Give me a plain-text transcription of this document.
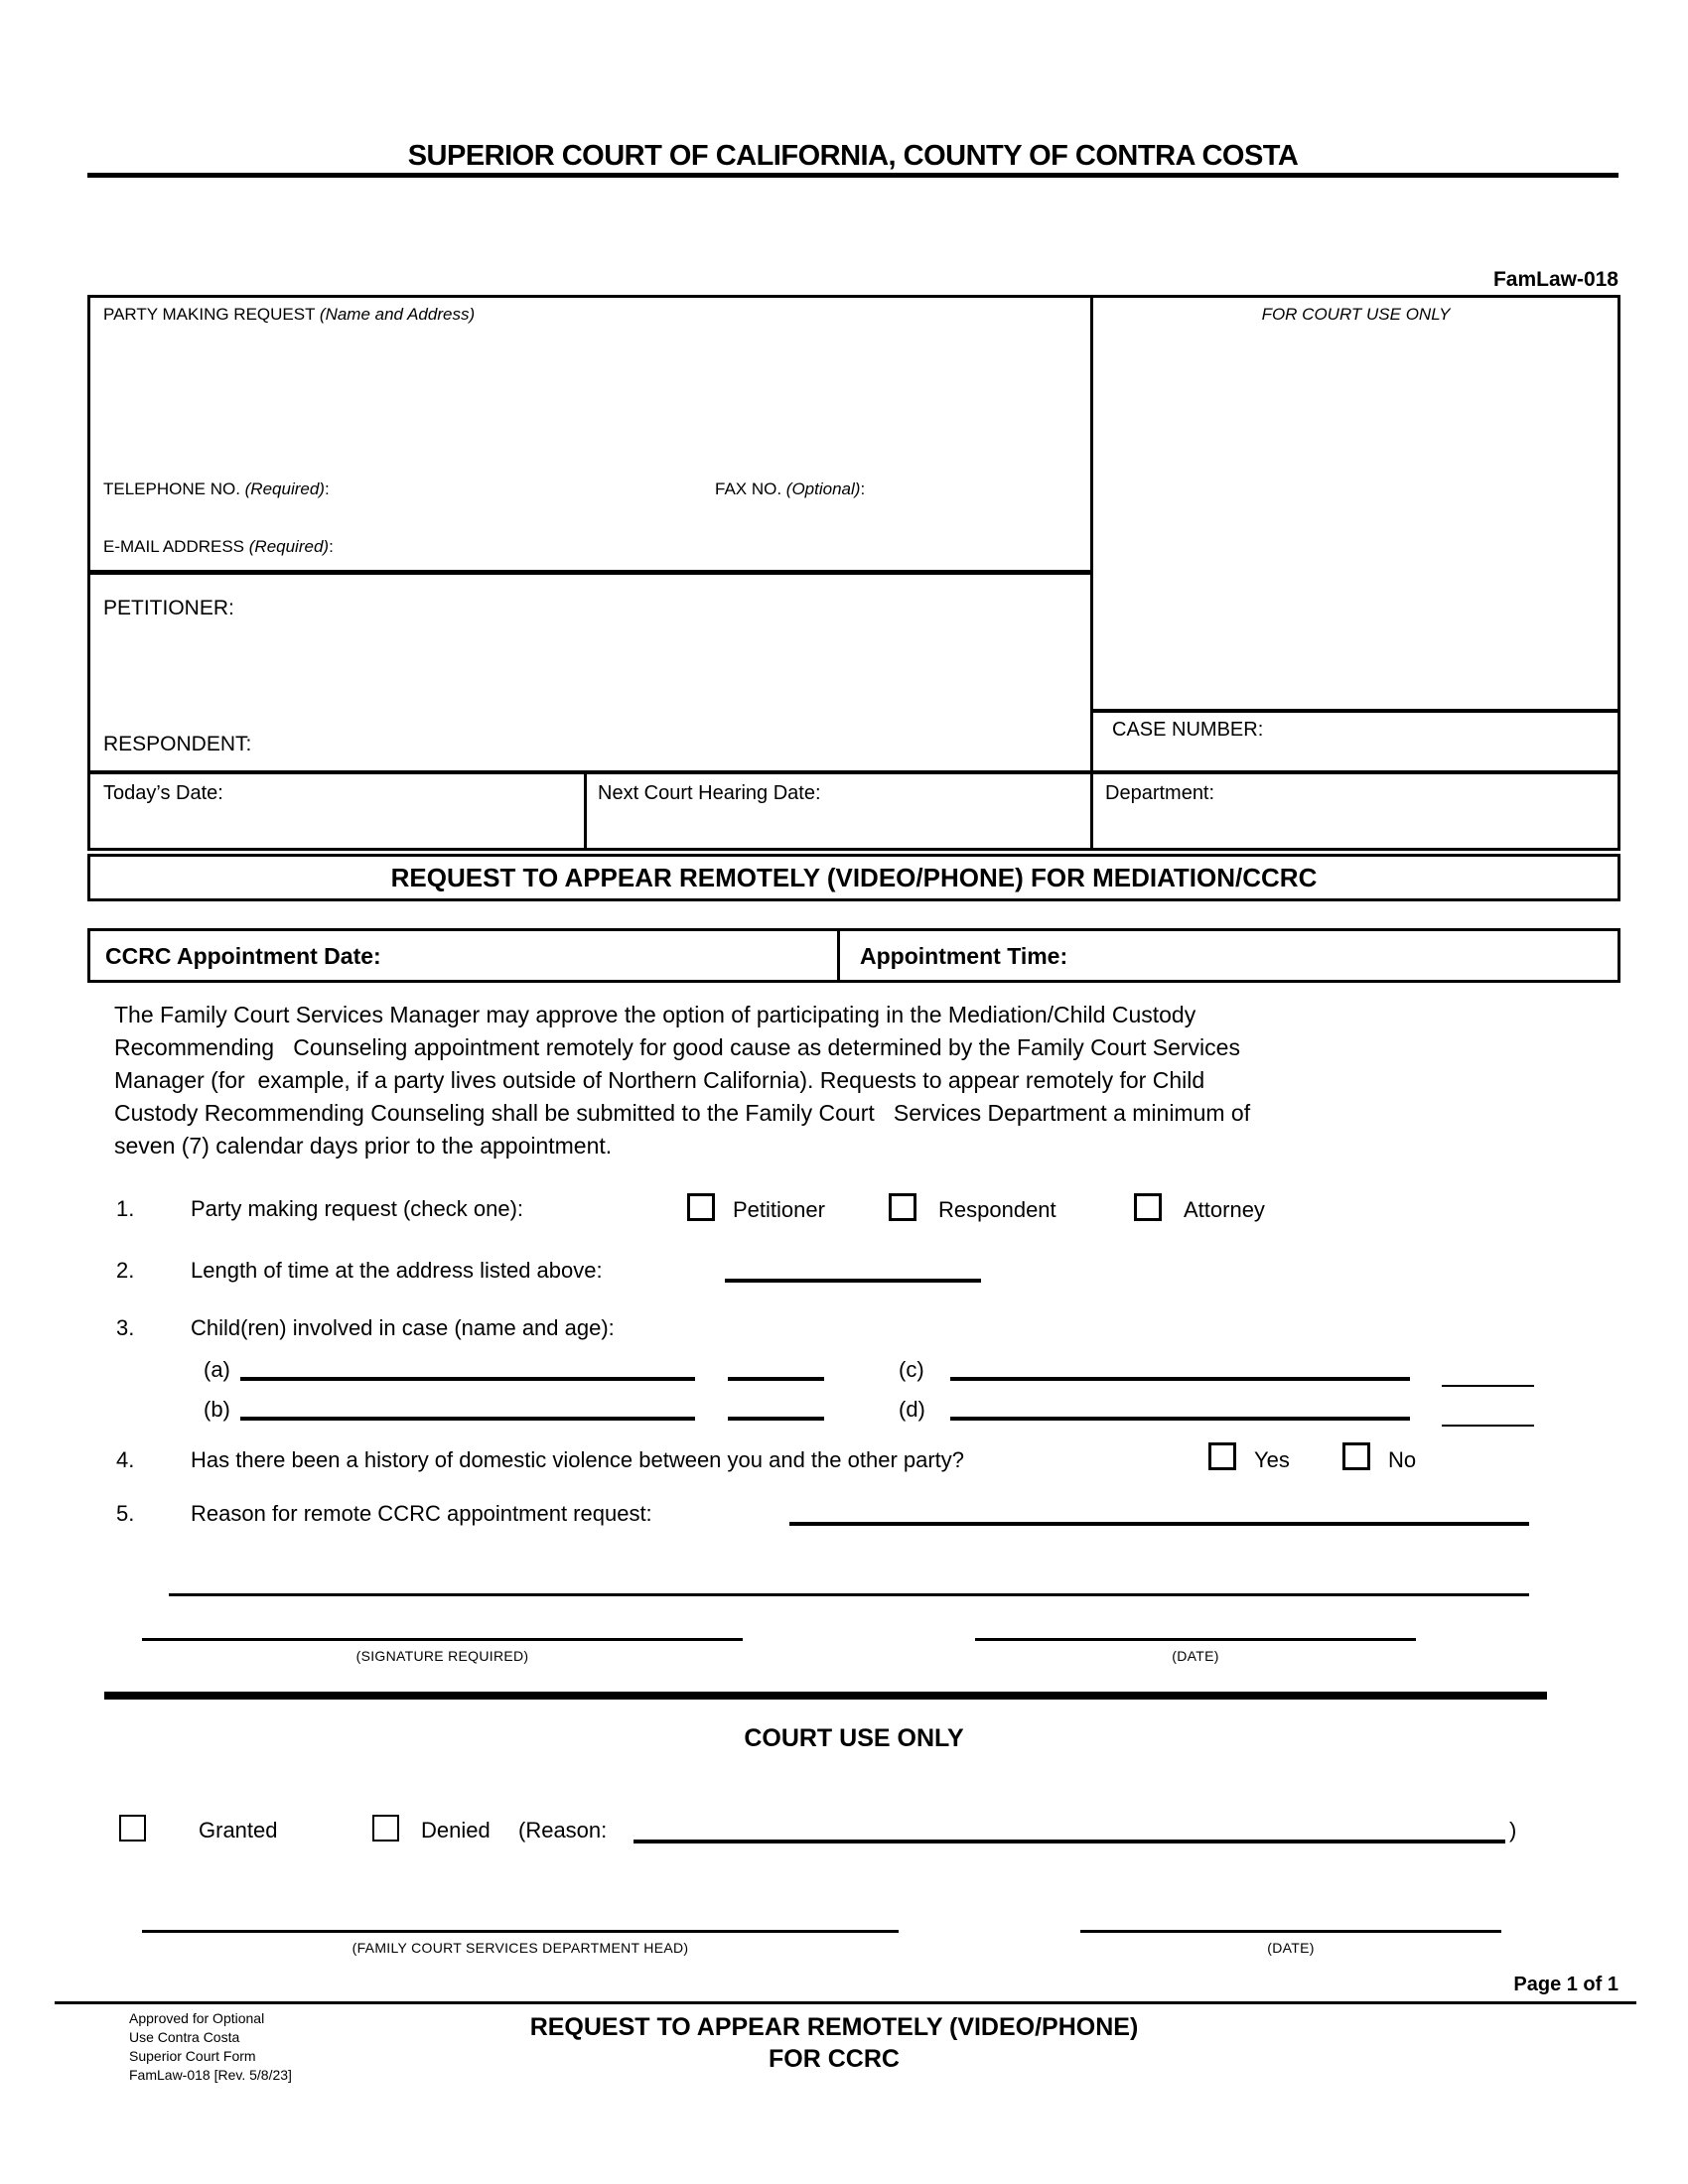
SUPERIOR COURT OF CALIFORNIA, COUNTY OF CONTRA COSTA
FamLaw-018
PARTY MAKING REQUEST (Name and Address)	FOR COURT USE ONLY
TELEPHONE NO. (Required):	FAX NO. (Optional):
E-MAIL ADDRESS (Required):
PETITIONER:
RESPONDENT:
CASE NUMBER:
Today’s Date:	Next Court Hearing Date:	Department:
REQUEST TO APPEAR REMOTELY (VIDEO/PHONE) FOR MEDIATION/CCRC
CCRC Appointment Date:	Appointment Time:
The Family Court Services Manager may approve the option of participating in the Mediation/Child Custody
Recommending   Counseling appointment remotely for good cause as determined by the Family Court Services
Manager (for  example, if a party lives outside of Northern California). Requests to appear remotely for Child
Custody Recommending Counseling shall be submitted to the Family Court   Services Department a minimum of
seven (7) calendar days prior to the appointment.
1.	Party making request (check one):	Petitioner	Respondent	Attorney
2.	Length of time at the address listed above:
3.	Child(ren) involved in case (name and age):
(a)	(c)
(b)	(d)
4.	Has there been a history of domestic violence between you and the other party?	Yes	No
5.	Reason for remote CCRC appointment request:
(SIGNATURE REQUIRED)	(DATE)
COURT USE ONLY
Granted	Denied (Reason:	)
(FAMILY COURT SERVICES DEPARTMENT HEAD)	(DATE)
Page 1 of 1
Approved for Optional
Use Contra Costa
Superior Court Form
FamLaw-018 [Rev. 5/8/23]
REQUEST TO APPEAR REMOTELY (VIDEO/PHONE)
FOR CCRC
